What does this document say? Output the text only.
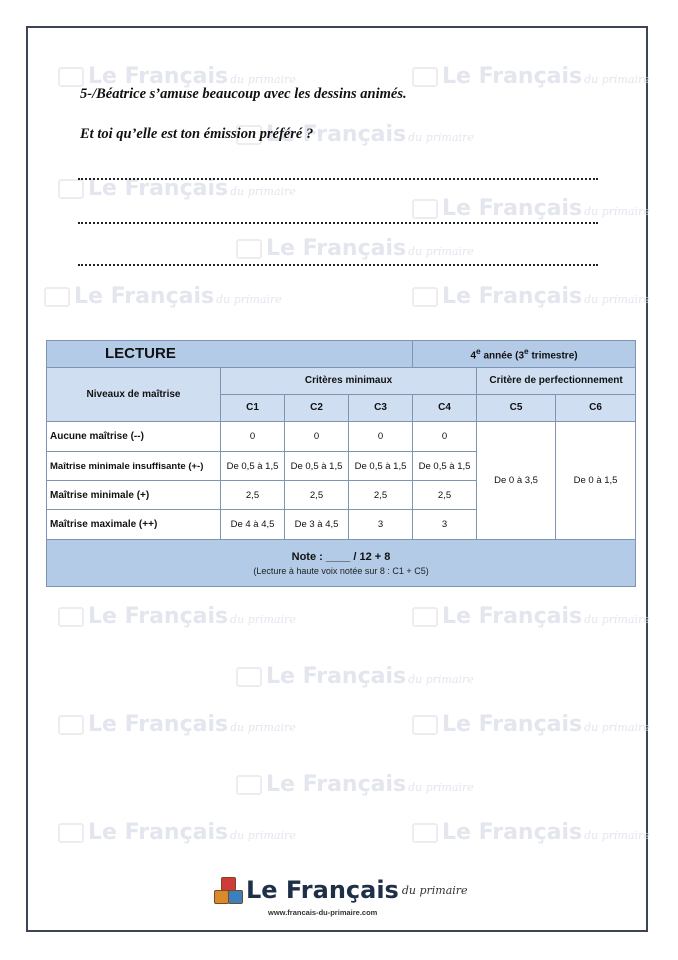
Le Français du primaire	Le Français du primaire
Le Français du primaire
Le Français du primaire
Le Français du primaire
Le Français du primaire
Le Français du primaire	Le Français du primaire
Le Français du primaire	Le Français du primaire
Le Français du primaire
Le Français du primaire	Le Français du primaire
Le Français du primaire
Le Français du primaire	Le Français du primaire
5-/Béatrice s’amuse beaucoup avec les dessins animés.
Et toi qu’elle est ton émission préféré ?
LECTURE				4e année (3e trimestre)		
Niveaux de maîtrise	Critères minimaux				Critère de perfectionnement	
	C1	C2	C3	C4	C5	C6
Aucune maîtrise (--)	0	0	0	0	De 0 à 3,5	De 0 à 1,5
Maîtrise minimale insuffisante (+-)	De 0,5 à 1,5	De 0,5 à 1,5	De 0,5 à 1,5	De 0,5 à 1,5		
Maîtrise minimale (+)	2,5	2,5	2,5	2,5		
Maîtrise maximale (++)	De 4 à 4,5	De 3 à 4,5	3	3		

Note : ____ / 12 + 8
(Lecture à haute voix notée sur 8 : C1 + C5)						
Le Français du primaire
www.francais-du-primaire.com
